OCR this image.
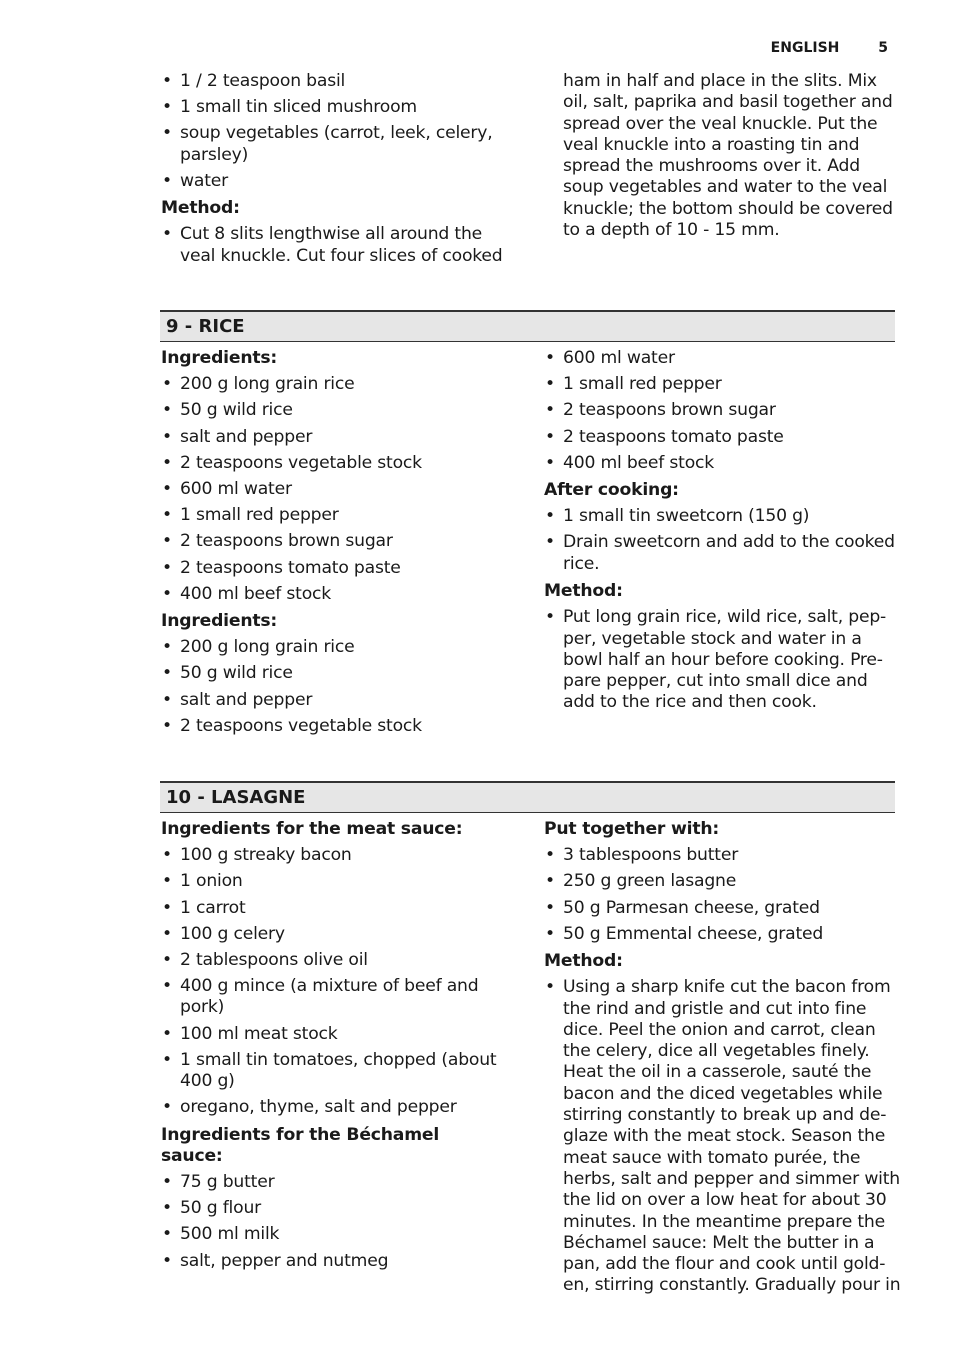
ENGLISH	5
• 1 / 2 teaspoon basil
• 1 small tin sliced mushroom
• soup vegetables (carrot, leek, celery,
parsley)
• water
Method:
• Cut 8 slits lengthwise all around the
veal knuckle. Cut four slices of cooked
ham in half and place in the slits. Mix
oil, salt, paprika and basil together and
spread over the veal knuckle. Put the
veal knuckle into a roasting tin and
spread the mushrooms over it. Add
soup vegetables and water to the veal
knuckle; the bottom should be covered
to a depth of 10 - 15 mm.
9 - RICE
Ingredients:
• 200 g long grain rice
• 50 g wild rice
• salt and pepper
• 2 teaspoons vegetable stock
• 600 ml water
• 1 small red pepper
• 2 teaspoons brown sugar
• 2 teaspoons tomato paste
• 400 ml beef stock
Ingredients:
• 200 g long grain rice
• 50 g wild rice
• salt and pepper
• 2 teaspoons vegetable stock
• 600 ml water
• 1 small red pepper
• 2 teaspoons brown sugar
• 2 teaspoons tomato paste
• 400 ml beef stock
After cooking:
• 1 small tin sweetcorn (150 g)
• Drain sweetcorn and add to the cooked
rice.
Method:
• Put long grain rice, wild rice, salt, pep-
per, vegetable stock and water in a
bowl half an hour before cooking. Pre-
pare pepper, cut into small dice and
add to the rice and then cook.
10 - LASAGNE
Ingredients for the meat sauce:
• 100 g streaky bacon
• 1 onion
• 1 carrot
• 100 g celery
• 2 tablespoons olive oil
• 400 g mince (a mixture of beef and
pork)
• 100 ml meat stock
• 1 small tin tomatoes, chopped (about
400 g)
• oregano, thyme, salt and pepper
Ingredients for the Béchamel sauce:
• 75 g butter
• 50 g flour
• 500 ml milk
• salt, pepper and nutmeg
Put together with:
• 3 tablespoons butter
• 250 g green lasagne
• 50 g Parmesan cheese, grated
• 50 g Emmental cheese, grated
Method:
• Using a sharp knife cut the bacon from
the rind and gristle and cut into fine
dice. Peel the onion and carrot, clean
the celery, dice all vegetables finely.
Heat the oil in a casserole, sauté the
bacon and the diced vegetables while
stirring constantly to break up and de-
glaze with the meat stock. Season the
meat sauce with tomato purée, the
herbs, salt and pepper and simmer with
the lid on over a low heat for about 30
minutes. In the meantime prepare the
Béchamel sauce: Melt the butter in a
pan, add the flour and cook until gold-
en, stirring constantly. Gradually pour in
